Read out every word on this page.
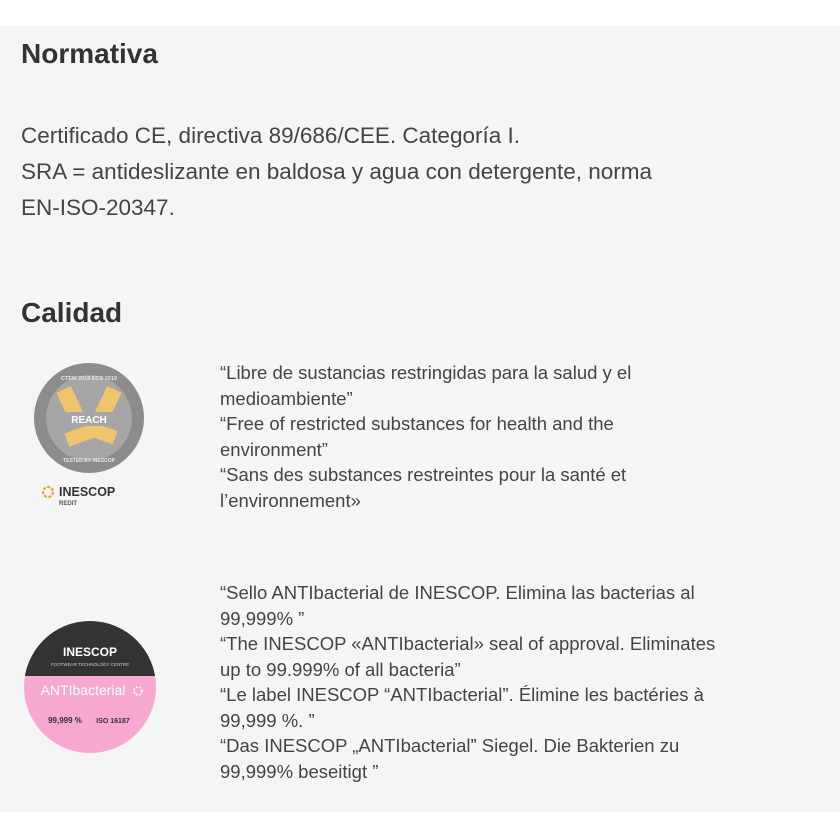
Normativa
Certificado CE, directiva 89/686/CEE. Categoría I.
SRA = antideslizante en baldosa y agua con detergente, norma
EN-ISO-20347.
Calidad
REACH
CTEM 2019 ECS 2019
TESTED BY INESCOP
INESCOP
REDIT
“Libre de sustancias restringidas para la salud y el
medioambiente”
“Free of restricted substances for health and the
environment”
“Sans des substances restreintes pour la santé et
l’environnement»
INESCOP
FOOTWEAR TECHNOLOGY CENTRE
ANTIbacterial
99,999 % ISO 16187
“Sello ANTIbacterial de INESCOP. Elimina las bacterias al
99,999% ”
“The INESCOP «ANTIbacterial» seal of approval. Eliminates
up to 99.999% of all bacteria”
“Le label INESCOP “ANTIbacterial”. Élimine les bactéries à
99,999 %. ”
“Das INESCOP „ANTIbacterial” Siegel. Die Bakterien zu
99,999% beseitigt ”
